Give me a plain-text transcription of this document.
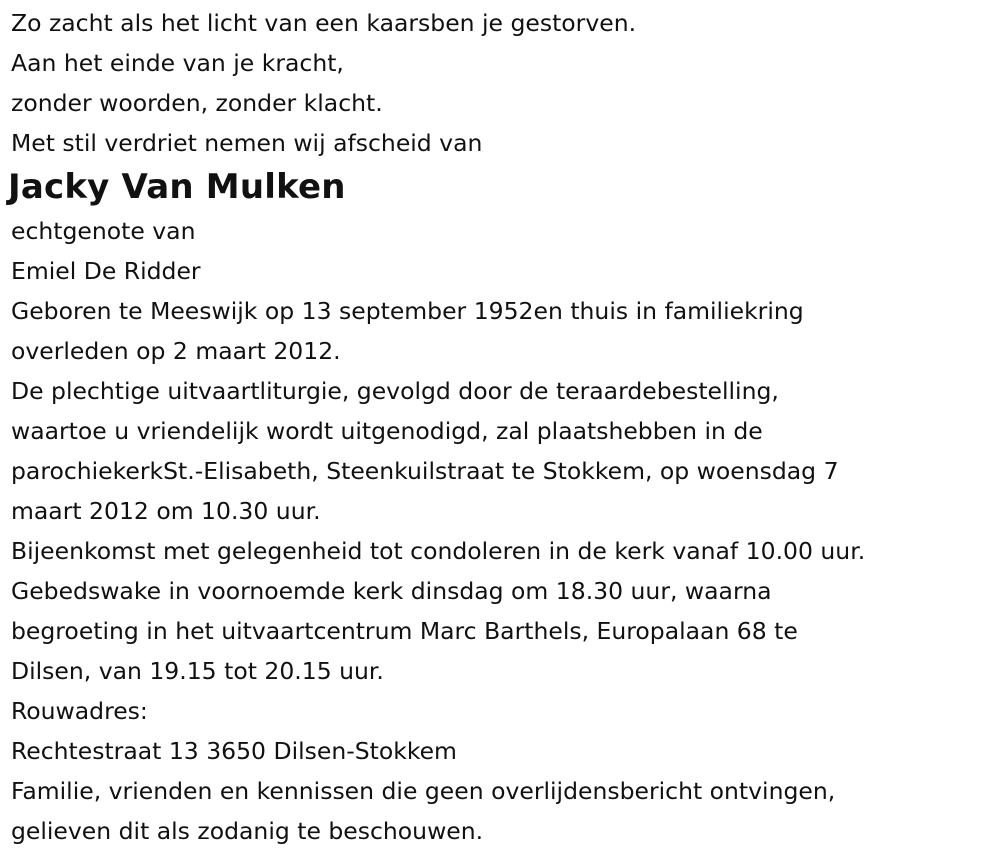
Zo zacht als het licht van een kaarsben je gestorven.
Aan het einde van je kracht,
zonder woorden, zonder klacht.
Met stil verdriet nemen wij afscheid van
Jacky Van Mulken
echtgenote van
Emiel De Ridder
Geboren te Meeswijk op 13 september 1952en thuis in familiekring
overleden op 2 maart 2012.
De plechtige uitvaartliturgie, gevolgd door de teraardebestelling,
waartoe u vriendelijk wordt uitgenodigd, zal plaatshebben in de
parochiekerkSt.-Elisabeth, Steenkuilstraat te Stokkem, op woensdag 7
maart 2012 om 10.30 uur.
Bijeenkomst met gelegenheid tot condoleren in de kerk vanaf 10.00 uur.
Gebedswake in voornoemde kerk dinsdag om 18.30 uur, waarna
begroeting in het uitvaartcentrum Marc Barthels, Europalaan 68 te
Dilsen, van 19.15 tot 20.15 uur.
Rouwadres:
Rechtestraat 13 3650 Dilsen-Stokkem
Familie, vrienden en kennissen die geen overlijdensbericht ontvingen,
gelieven dit als zodanig te beschouwen.
